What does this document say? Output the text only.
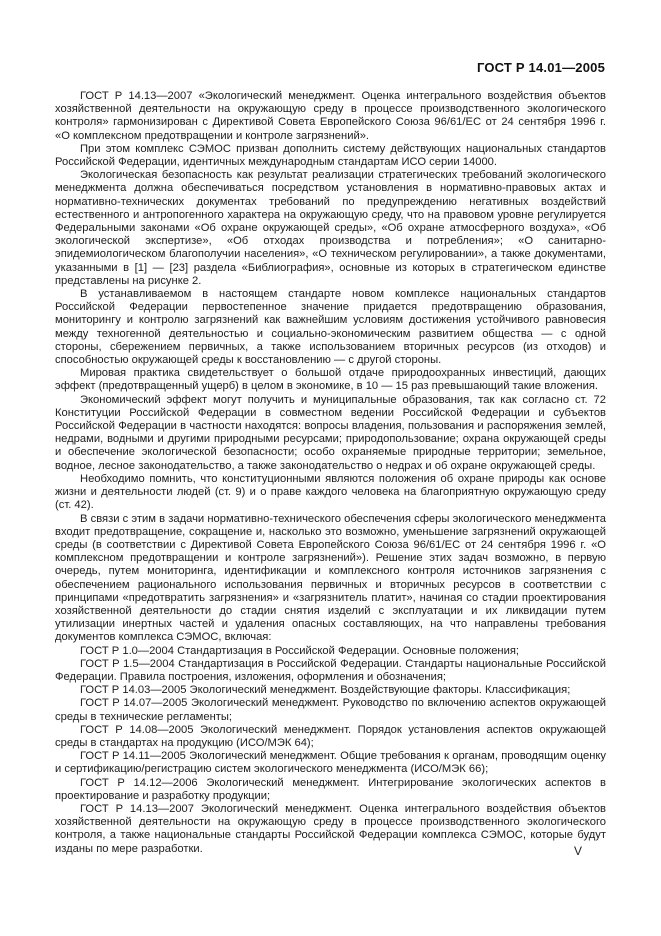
ГОСТ Р 14.01—2005

ГОСТ Р 14.13—2007 «Экологический менеджмент. Оценка интегрального воздействия объектов хозяйственной деятельности на окружающую среду в процессе производственного экологического контроля» гармонизирован с Директивой Совета Европейского Союза 96/61/ЕС от 24 сентября 1996 г. «О комплексном предотвращении и контроле загрязнений».

При этом комплекс СЭМОС призван дополнить систему действующих национальных стандартов Российской Федерации, идентичных международным стандартам ИСО серии 14000.

Экологическая безопасность как результат реализации стратегических требований экологического менеджмента должна обеспечиваться посредством установления в нормативно-правовых актах и нормативно-технических документах требований по предупреждению негативных воздействий естественного и антропогенного характера на окружающую среду, что на правовом уровне регулируется Федеральными законами «Об охране окружающей среды», «Об охране атмосферного воздуха», «Об экологической экспертизе», «Об отходах производства и потребления»; «О санитарно-эпидемиологическом благополучии населения», «О техническом регулировании», а также документами, указанными в [1] — [23] раздела «Библиография», основные из которых в стратегическом единстве представлены на рисунке 2.

В устанавливаемом в настоящем стандарте новом комплексе национальных стандартов Российской Федерации первостепенное значение придается предотвращению образования, мониторингу и контролю загрязнений как важнейшим условиям достижения устойчивого равновесия между техногенной деятельностью и социально-экономическим развитием общества — с одной стороны, сбережением первичных, а также использованием вторичных ресурсов (из отходов) и способностью окружающей среды к восстановлению — с другой стороны.

Мировая практика свидетельствует о большой отдаче природоохранных инвестиций, дающих эффект (предотвращенный ущерб) в целом в экономике, в 10 — 15 раз превышающий такие вложения.

Экономический эффект могут получить и муниципальные образования, так как согласно ст. 72 Конституции Российской Федерации в совместном ведении Российской Федерации и субъектов Российской Федерации в частности находятся: вопросы владения, пользования и распоряжения землей, недрами, водными и другими природными ресурсами; природопользование; охрана окружающей среды и обеспечение экологической безопасности; особо охраняемые природные территории; земельное, водное, лесное законодательство, а также законодательство о недрах и об охране окружающей среды.

Необходимо помнить, что конституционными являются положения об охране природы как основе жизни и деятельности людей (ст. 9) и о праве каждого человека на благоприятную окружающую среду (ст. 42).

В связи с этим в задачи нормативно-технического обеспечения сферы экологического менеджмента входит предотвращение, сокращение и, насколько это возможно, уменьшение загрязнений окружающей среды (в соответствии с Директивой Совета Европейского Союза 96/61/ЕС от 24 сентября 1996 г. «О комплексном предотвращении и контроле загрязнений»). Решение этих задач возможно, в первую очередь, путем мониторинга, идентификации и комплексного контроля источников загрязнения с обеспечением рационального использования первичных и вторичных ресурсов в соответствии с принципами «предотвратить загрязнения» и «загрязнитель платит», начиная со стадии проектирования хозяйственной деятельности до стадии снятия изделий с эксплуатации и их ликвидации путем утилизации инертных частей и удаления опасных составляющих, на что направлены требования документов комплекса СЭМОС, включая:

ГОСТ Р 1.0—2004 Стандартизация в Российской Федерации. Основные положения;

ГОСТ Р 1.5—2004 Стандартизация в Российской Федерации. Стандарты национальные Российской Федерации. Правила построения, изложения, оформления и обозначения;

ГОСТ Р 14.03—2005 Экологический менеджмент. Воздействующие факторы. Классификация;

ГОСТ Р 14.07—2005 Экологический менеджмент. Руководство по включению аспектов окружающей среды в технические регламенты;

ГОСТ Р 14.08—2005 Экологический менеджмент. Порядок установления аспектов окружающей среды в стандартах на продукцию (ИСО/МЭК 64);

ГОСТ Р 14.11—2005 Экологический менеджмент. Общие требования к органам, проводящим оценку и сертификацию/регистрацию систем экологического менеджмента (ИСО/МЭК 66);

ГОСТ Р 14.12—2006 Экологический менеджмент. Интегрирование экологических аспектов в проектирование и разработку продукции;

ГОСТ Р 14.13—2007 Экологический менеджмент. Оценка интегрального воздействия объектов хозяйственной деятельности на окружающую среду в процессе производственного экологического контроля, а также национальные стандарты Российской Федерации комплекса СЭМОС, которые будут изданы по мере разработки.	V
